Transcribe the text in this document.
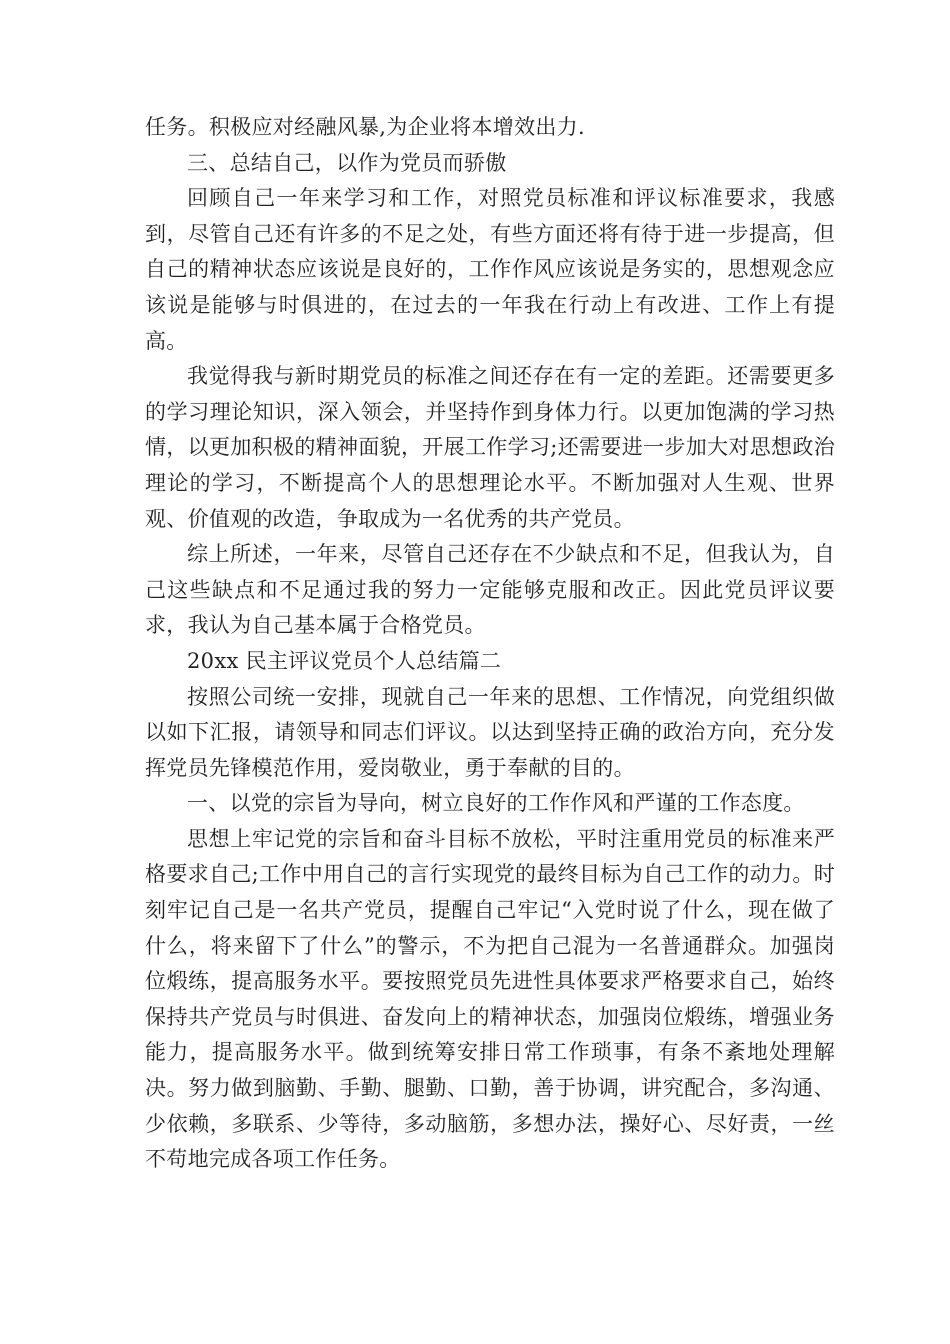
任务。积极应对经融风暴,为企业将本增效出力.

三、总结自己，以作为党员而骄傲

回顾自己一年来学习和工作，对照党员标准和评议标准要求，我感到，尽管自己还有许多的不足之处，有些方面还将有待于进一步提高，但自己的精神状态应该说是良好的，工作作风应该说是务实的，思想观念应该说是能够与时俱进的，在过去的一年我在行动上有改进、工作上有提高。

我觉得我与新时期党员的标准之间还存在有一定的差距。还需要更多的学习理论知识，深入领会，并坚持作到身体力行。以更加饱满的学习热情，以更加积极的精神面貌，开展工作学习;还需要进一步加大对思想政治理论的学习，不断提高个人的思想理论水平。不断加强对人生观、世界观、价值观的改造，争取成为一名优秀的共产党员。

综上所述，一年来，尽管自己还存在不少缺点和不足，但我认为，自己这些缺点和不足通过我的努力一定能够克服和改正。因此党员评议要求，我认为自己基本属于合格党员。

20xx 民主评议党员个人总结篇二

按照公司统一安排，现就自己一年来的思想、工作情况，向党组织做以如下汇报，请领导和同志们评议。以达到坚持正确的政治方向，充分发挥党员先锋模范作用，爱岗敬业，勇于奉献的目的。

一、以党的宗旨为导向，树立良好的工作作风和严谨的工作态度。

思想上牢记党的宗旨和奋斗目标不放松，平时注重用党员的标准来严格要求自己;工作中用自己的言行实现党的最终目标为自己工作的动力。时刻牢记自己是一名共产党员，提醒自己牢记“入党时说了什么，现在做了什么，将来留下了什么”的警示，不为把自己混为一名普通群众。加强岗位煅练，提高服务水平。要按照党员先进性具体要求严格要求自己，始终保持共产党员与时俱进、奋发向上的精神状态，加强岗位煅练，增强业务能力，提高服务水平。做到统筹安排日常工作琐事，有条不紊地处理解决。努力做到脑勤、手勤、腿勤、口勤，善于协调，讲究配合，多沟通、少依赖，多联系、少等待，多动脑筋，多想办法，操好心、尽好责，一丝不苟地完成各项工作任务。
